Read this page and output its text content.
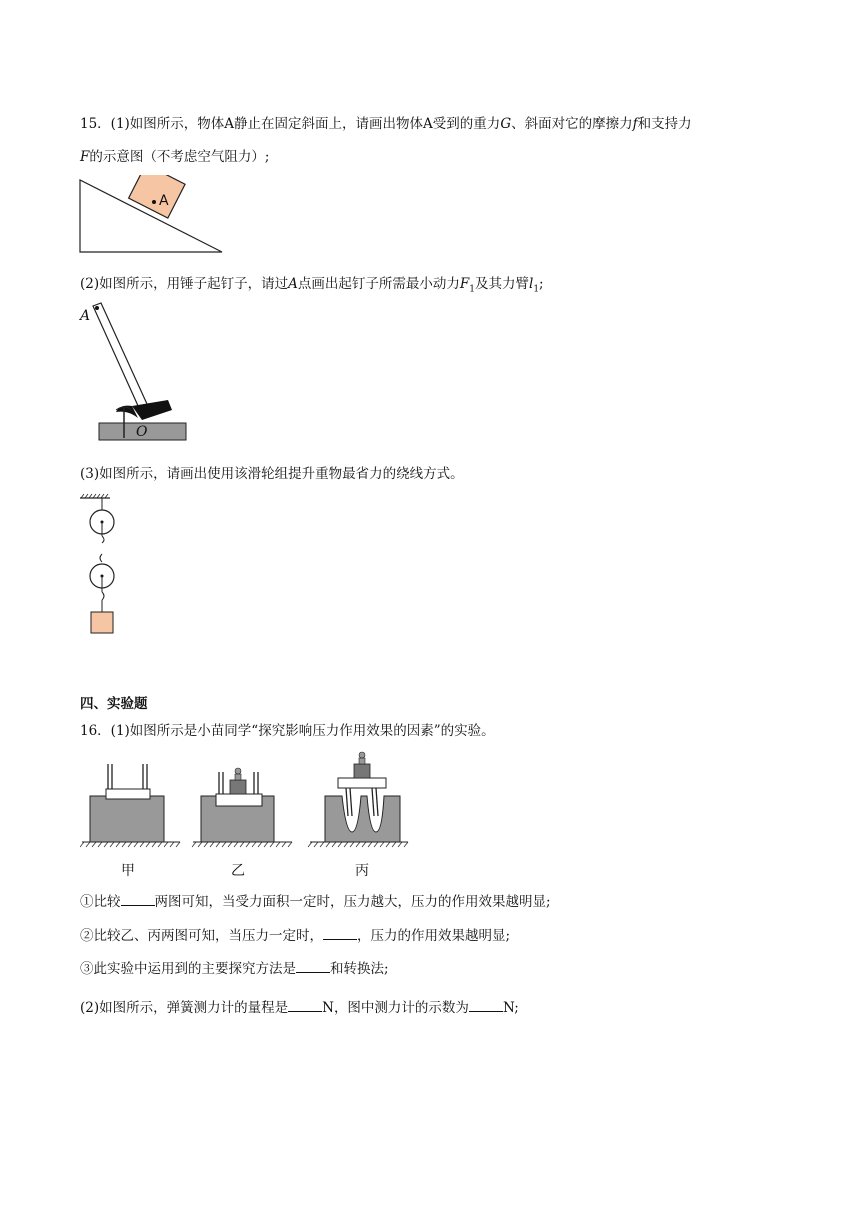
15．(1)如图所示，物体A静止在固定斜面上，请画出物体A受到的重力G、斜面对它的摩擦力f和支持力
F的示意图（不考虑空气阻力）;
A
(2)如图所示，用锤子起钉子，请过A点画出起钉子所需最小动力$F_1$及其力臂$l_1$;
A
O
(3)如图所示，请画出使用该滑轮组提升重物最省力的绕线方式。
四、实验题
16．(1)如图所示是小苗同学“探究影响压力作用效果的因素”的实验。
甲	乙	丙
①比较	两图可知，当受力面积一定时，压力越大，压力的作用效果越明显;
②比较乙、丙两图可知，当压力一定时，	，压力的作用效果越明显;
③此实验中运用到的主要探究方法是	和转换法;
(2)如图所示，弹簧测力计的量程是	N，图中测力计的示数为	N;
